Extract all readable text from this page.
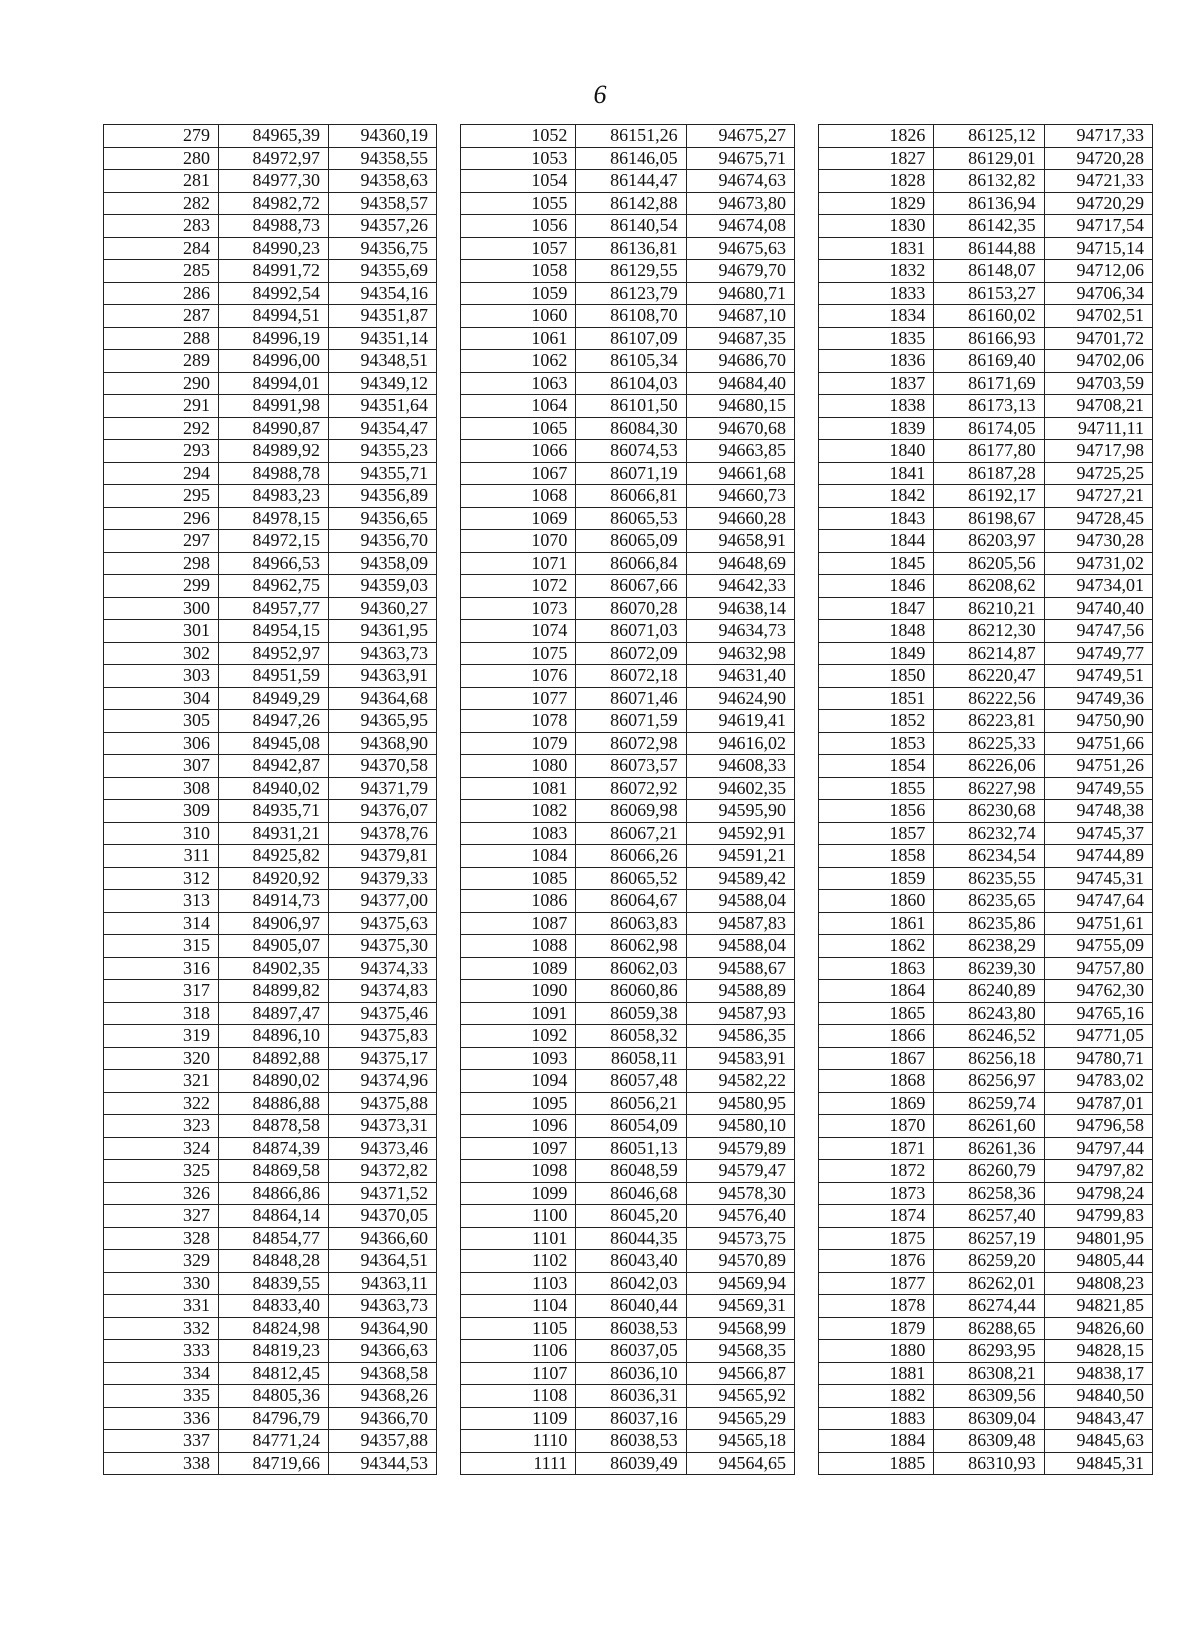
6
279	84965,39	94360,19
280	84972,97	94358,55
281	84977,30	94358,63
282	84982,72	94358,57
283	84988,73	94357,26
284	84990,23	94356,75
285	84991,72	94355,69
286	84992,54	94354,16
287	84994,51	94351,87
288	84996,19	94351,14
289	84996,00	94348,51
290	84994,01	94349,12
291	84991,98	94351,64
292	84990,87	94354,47
293	84989,92	94355,23
294	84988,78	94355,71
295	84983,23	94356,89
296	84978,15	94356,65
297	84972,15	94356,70
298	84966,53	94358,09
299	84962,75	94359,03
300	84957,77	94360,27
301	84954,15	94361,95
302	84952,97	94363,73
303	84951,59	94363,91
304	84949,29	94364,68
305	84947,26	94365,95
306	84945,08	94368,90
307	84942,87	94370,58
308	84940,02	94371,79
309	84935,71	94376,07
310	84931,21	94378,76
311	84925,82	94379,81
312	84920,92	94379,33
313	84914,73	94377,00
314	84906,97	94375,63
315	84905,07	94375,30
316	84902,35	94374,33
317	84899,82	94374,83
318	84897,47	94375,46
319	84896,10	94375,83
320	84892,88	94375,17
321	84890,02	94374,96
322	84886,88	94375,88
323	84878,58	94373,31
324	84874,39	94373,46
325	84869,58	94372,82
326	84866,86	94371,52
327	84864,14	94370,05
328	84854,77	94366,60
329	84848,28	94364,51
330	84839,55	94363,11
331	84833,40	94363,73
332	84824,98	94364,90
333	84819,23	94366,63
334	84812,45	94368,58
335	84805,36	94368,26
336	84796,79	94366,70
337	84771,24	94357,88
338	84719,66	94344,53
1052	86151,26	94675,27
1053	86146,05	94675,71
1054	86144,47	94674,63
1055	86142,88	94673,80
1056	86140,54	94674,08
1057	86136,81	94675,63
1058	86129,55	94679,70
1059	86123,79	94680,71
1060	86108,70	94687,10
1061	86107,09	94687,35
1062	86105,34	94686,70
1063	86104,03	94684,40
1064	86101,50	94680,15
1065	86084,30	94670,68
1066	86074,53	94663,85
1067	86071,19	94661,68
1068	86066,81	94660,73
1069	86065,53	94660,28
1070	86065,09	94658,91
1071	86066,84	94648,69
1072	86067,66	94642,33
1073	86070,28	94638,14
1074	86071,03	94634,73
1075	86072,09	94632,98
1076	86072,18	94631,40
1077	86071,46	94624,90
1078	86071,59	94619,41
1079	86072,98	94616,02
1080	86073,57	94608,33
1081	86072,92	94602,35
1082	86069,98	94595,90
1083	86067,21	94592,91
1084	86066,26	94591,21
1085	86065,52	94589,42
1086	86064,67	94588,04
1087	86063,83	94587,83
1088	86062,98	94588,04
1089	86062,03	94588,67
1090	86060,86	94588,89
1091	86059,38	94587,93
1092	86058,32	94586,35
1093	86058,11	94583,91
1094	86057,48	94582,22
1095	86056,21	94580,95
1096	86054,09	94580,10
1097	86051,13	94579,89
1098	86048,59	94579,47
1099	86046,68	94578,30
1100	86045,20	94576,40
1101	86044,35	94573,75
1102	86043,40	94570,89
1103	86042,03	94569,94
1104	86040,44	94569,31
1105	86038,53	94568,99
1106	86037,05	94568,35
1107	86036,10	94566,87
1108	86036,31	94565,92
1109	86037,16	94565,29
1110	86038,53	94565,18
1111	86039,49	94564,65
1826	86125,12	94717,33
1827	86129,01	94720,28
1828	86132,82	94721,33
1829	86136,94	94720,29
1830	86142,35	94717,54
1831	86144,88	94715,14
1832	86148,07	94712,06
1833	86153,27	94706,34
1834	86160,02	94702,51
1835	86166,93	94701,72
1836	86169,40	94702,06
1837	86171,69	94703,59
1838	86173,13	94708,21
1839	86174,05	94711,11
1840	86177,80	94717,98
1841	86187,28	94725,25
1842	86192,17	94727,21
1843	86198,67	94728,45
1844	86203,97	94730,28
1845	86205,56	94731,02
1846	86208,62	94734,01
1847	86210,21	94740,40
1848	86212,30	94747,56
1849	86214,87	94749,77
1850	86220,47	94749,51
1851	86222,56	94749,36
1852	86223,81	94750,90
1853	86225,33	94751,66
1854	86226,06	94751,26
1855	86227,98	94749,55
1856	86230,68	94748,38
1857	86232,74	94745,37
1858	86234,54	94744,89
1859	86235,55	94745,31
1860	86235,65	94747,64
1861	86235,86	94751,61
1862	86238,29	94755,09
1863	86239,30	94757,80
1864	86240,89	94762,30
1865	86243,80	94765,16
1866	86246,52	94771,05
1867	86256,18	94780,71
1868	86256,97	94783,02
1869	86259,74	94787,01
1870	86261,60	94796,58
1871	86261,36	94797,44
1872	86260,79	94797,82
1873	86258,36	94798,24
1874	86257,40	94799,83
1875	86257,19	94801,95
1876	86259,20	94805,44
1877	86262,01	94808,23
1878	86274,44	94821,85
1879	86288,65	94826,60
1880	86293,95	94828,15
1881	86308,21	94838,17
1882	86309,56	94840,50
1883	86309,04	94843,47
1884	86309,48	94845,63
1885	86310,93	94845,31
